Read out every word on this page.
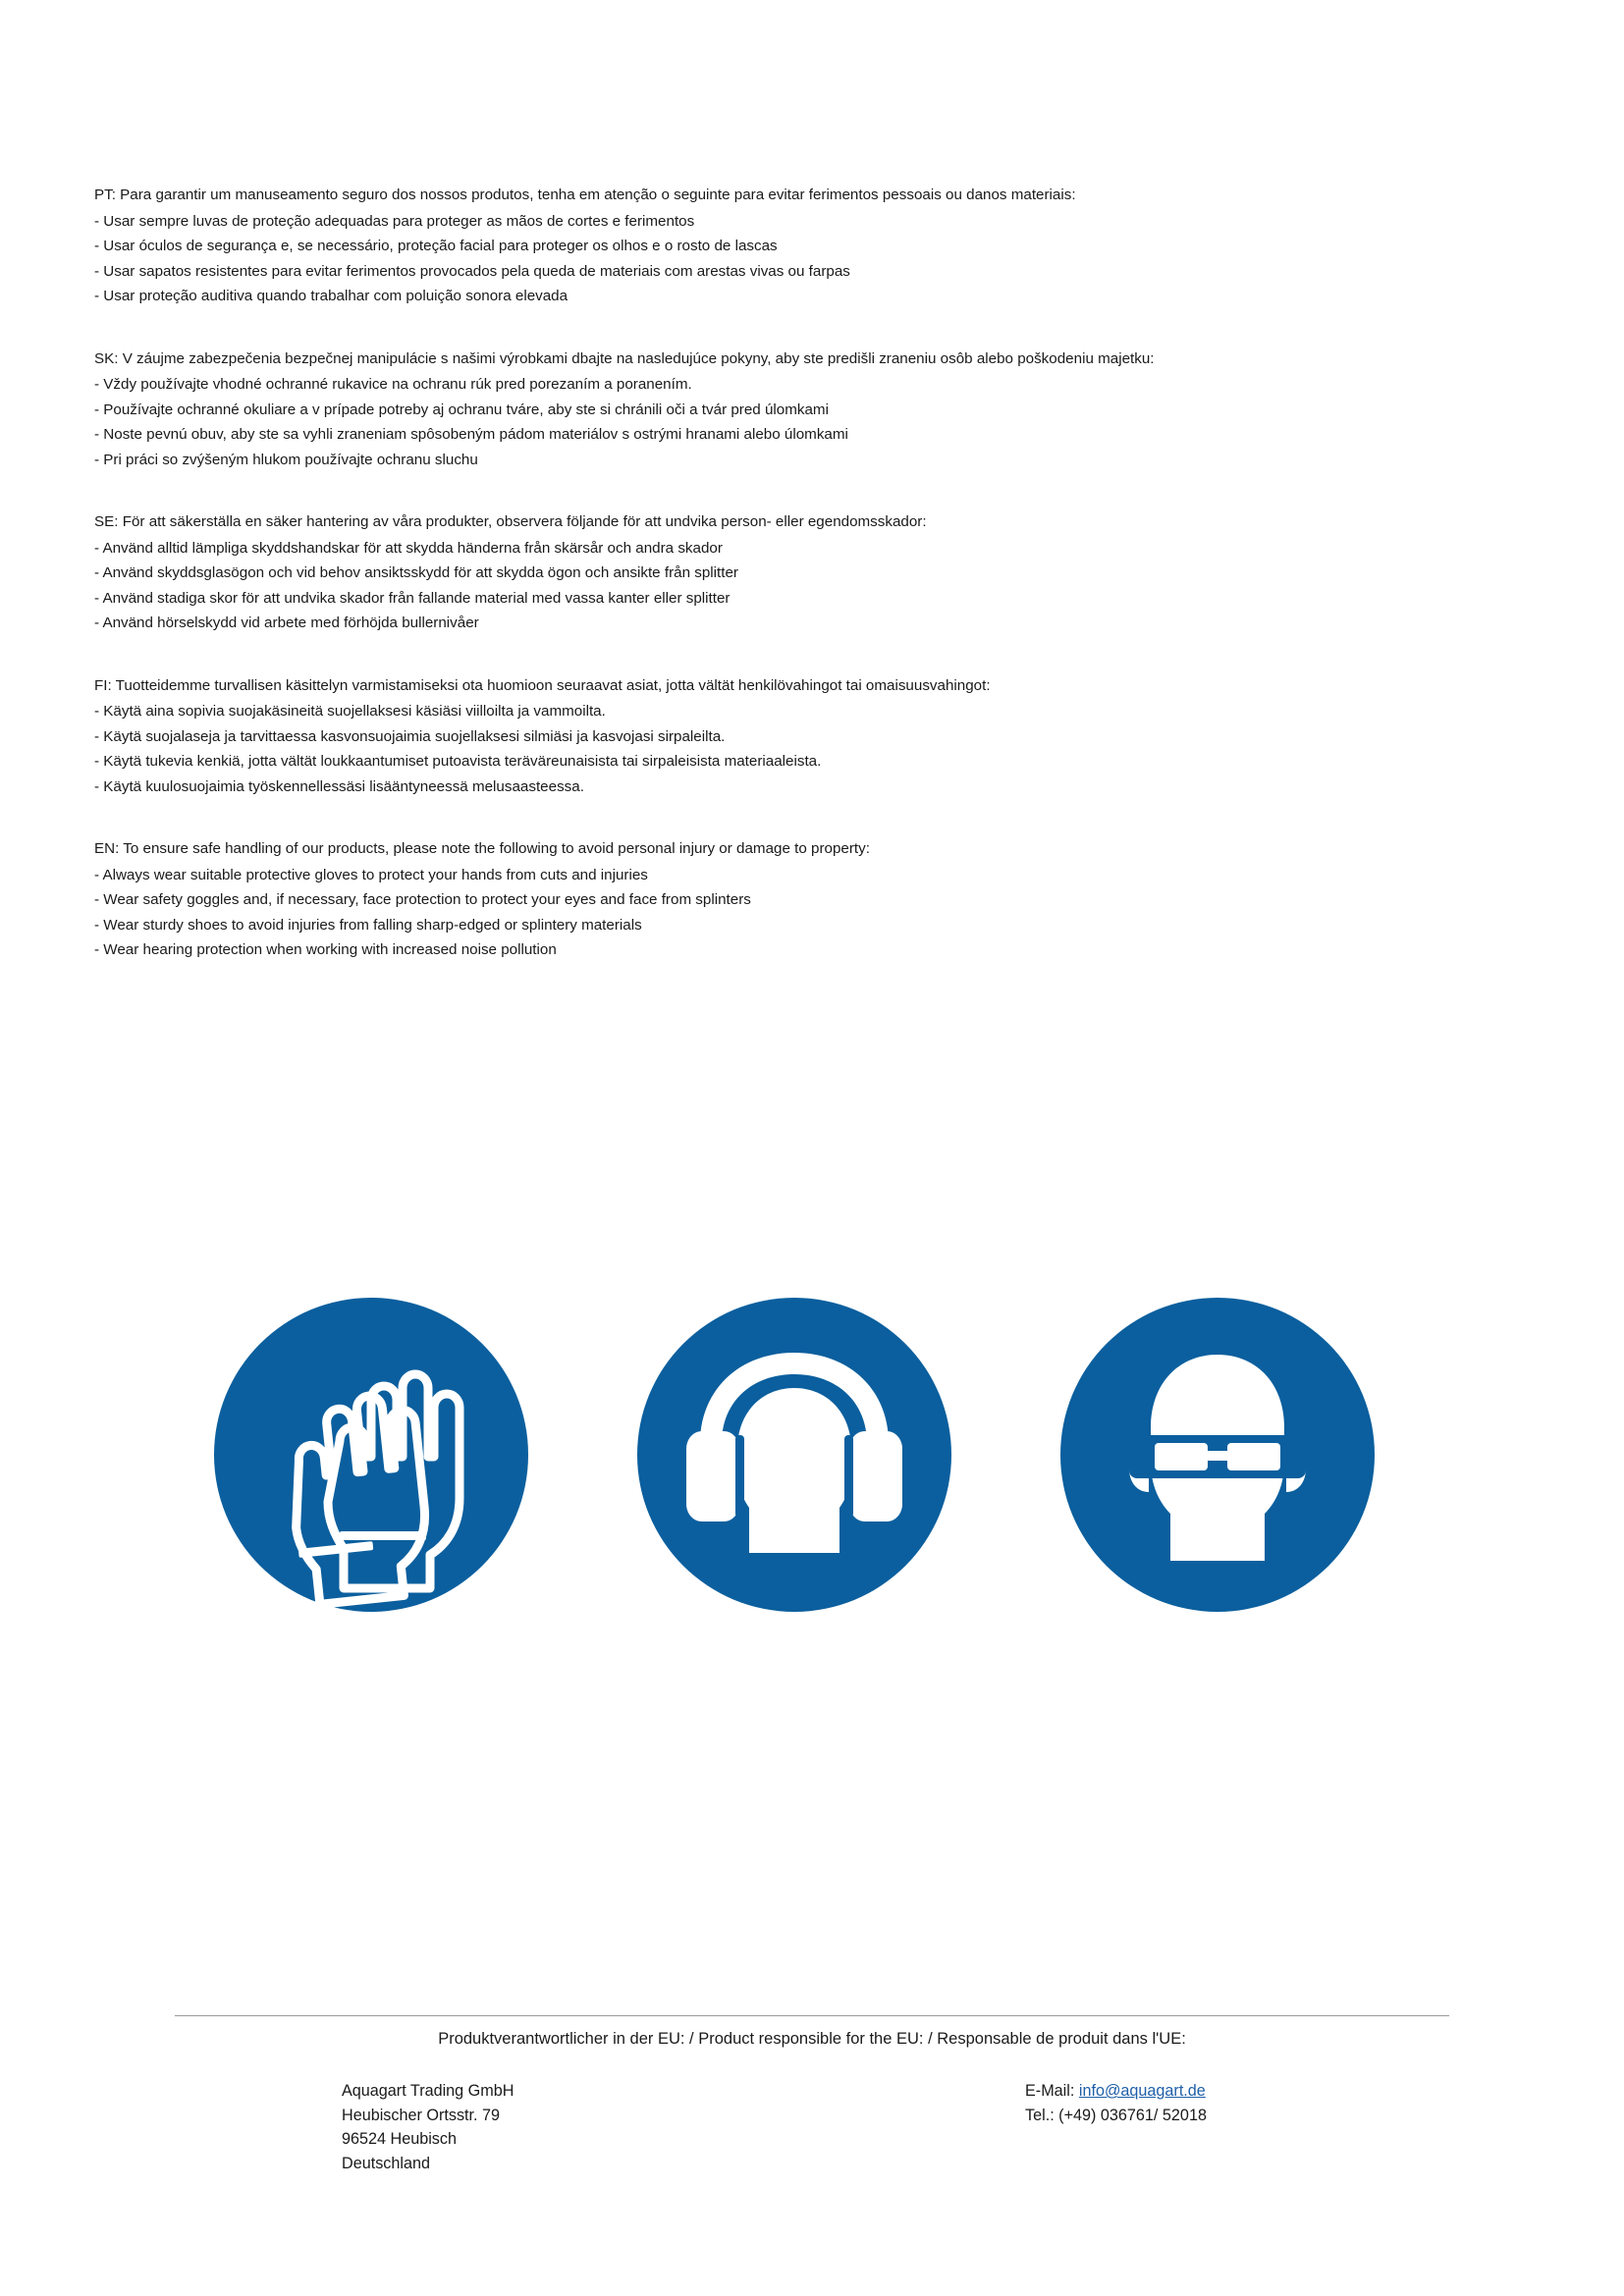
PT: Para garantir um manuseamento seguro dos nossos produtos, tenha em atenção o seguinte para evitar ferimentos pessoais ou danos materiais:
- Usar sempre luvas de proteção adequadas para proteger as mãos de cortes e ferimentos
- Usar óculos de segurança e, se necessário, proteção facial para proteger os olhos e o rosto de lascas
- Usar sapatos resistentes para evitar ferimentos provocados pela queda de materiais com arestas vivas ou farpas
- Usar proteção auditiva quando trabalhar com poluição sonora elevada
SK: V záujme zabezpečenia bezpečnej manipulácie s našimi výrobkami dbajte na nasledujúce pokyny, aby ste predišli zraneniu osôb alebo poškodeniu majetku:
- Vždy používajte vhodné ochranné rukavice na ochranu rúk pred porezaním a poranením.
- Používajte ochranné okuliare a v prípade potreby aj ochranu tváre, aby ste si chránili oči a tvár pred úlomkami
- Noste pevnú obuv, aby ste sa vyhli zraneniam spôsobeným pádom materiálov s ostrými hranami alebo úlomkami
- Pri práci so zvýšeným hlukom používajte ochranu sluchu
SE: För att säkerställa en säker hantering av våra produkter, observera följande för att undvika person- eller egendomsskador:
- Använd alltid lämpliga skyddshandskar för att skydda händerna från skärsår och andra skador
- Använd skyddsglasögon och vid behov ansiktsskydd för att skydda ögon och ansikte från splitter
- Använd stadiga skor för att undvika skador från fallande material med vassa kanter eller splitter
- Använd hörselskydd vid arbete med förhöjda bullernivåer
FI: Tuotteidemme turvallisen käsittelyn varmistamiseksi ota huomioon seuraavat asiat, jotta vältät henkilövahingot tai omaisuusvahingot:
- Käytä aina sopivia suojakäsineitä suojellaksesi käsiäsi viilloilta ja vammoilta.
- Käytä suojalaseja ja tarvittaessa kasvonsuojaimia suojellaksesi silmiäsi ja kasvojasi sirpaleilta.
- Käytä tukevia kenkiä, jotta vältät loukkaantumiset putoavista teräväreunaisista tai sirpaleisista materiaaleista.
- Käytä kuulosuojaimia työskennellessäsi lisääntyneessä melusaasteessa.
EN: To ensure safe handling of our products, please note the following to avoid personal injury or damage to property:
- Always wear suitable protective gloves to protect your hands from cuts and injuries
- Wear safety goggles and, if necessary, face protection to protect your eyes and face from splinters
- Wear sturdy shoes to avoid injuries from falling sharp-edged or splintery materials
- Wear hearing protection when working with increased noise pollution
Produktverantwortlicher in der EU: / Product responsible for the EU: / Responsable de produit dans l'UE:
Aquagart Trading GmbH
Heubischer Ortsstr. 79
96524 Heubisch
Deutschland
E-Mail: info@aquagart.de
Tel.: (+49) 036761/ 52018
